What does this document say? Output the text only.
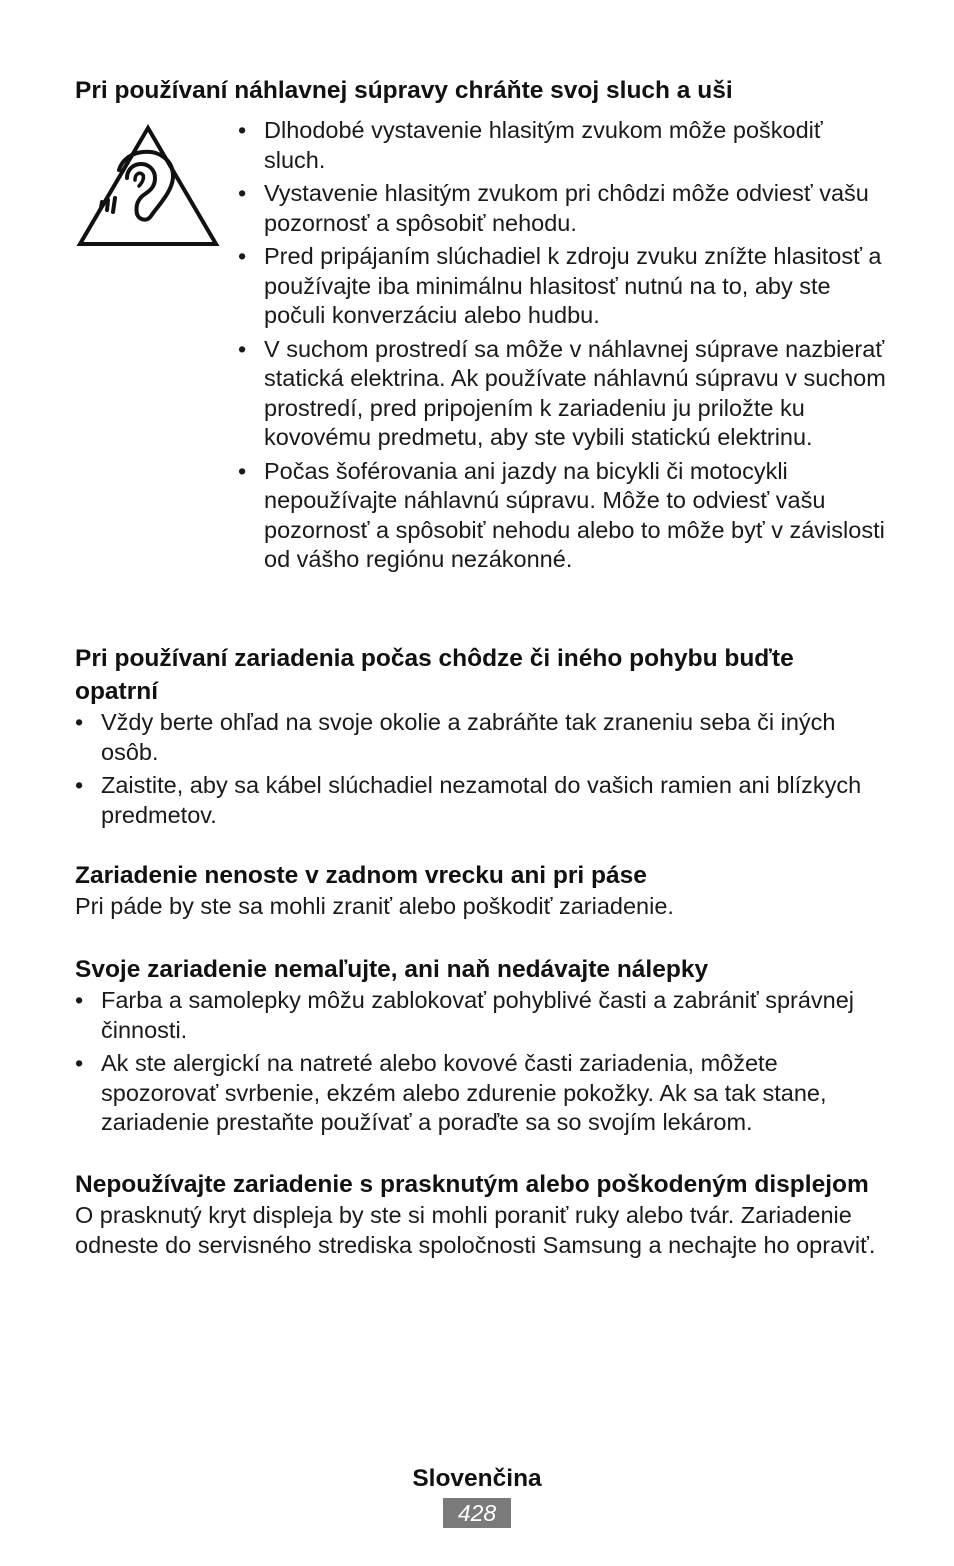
Pri používaní náhlavnej súpravy chráňte svoj sluch a uši
• Dlhodobé vystavenie hlasitým zvukom môže poškodiť sluch.
• Vystavenie hlasitým zvukom pri chôdzi môže odviesť vašu pozornosť a spôsobiť nehodu.
• Pred pripájaním slúchadiel k zdroju zvuku znížte hlasitosť a používajte iba minimálnu hlasitosť nutnú na to, aby ste počuli konverzáciu alebo hudbu.
• V suchom prostredí sa môže v náhlavnej súprave nazbierať statická elektrina. Ak používate náhlavnú súpravu v suchom prostredí, pred pripojením k zariadeniu ju priložte ku kovovému predmetu, aby ste vybili statickú elektrinu.
• Počas šoférovania ani jazdy na bicykli či motocykli nepoužívajte náhlavnú súpravu. Môže to odviesť vašu pozornosť a spôsobiť nehodu alebo to môže byť v závislosti od vášho regiónu nezákonné.
Pri používaní zariadenia počas chôdze či iného pohybu buďte opatrní
• Vždy berte ohľad na svoje okolie a zabráňte tak zraneniu seba či iných osôb.
• Zaistite, aby sa kábel slúchadiel nezamotal do vašich ramien ani blízkych predmetov.
Zariadenie nenoste v zadnom vrecku ani pri páse

Pri páde by ste sa mohli zraniť alebo poškodiť zariadenie.

Svoje zariadenie nemaľujte, ani naň nedávajte nálepky
• Farba a samolepky môžu zablokovať pohyblivé časti a zabrániť správnej činnosti.
• Ak ste alergickí na natreté alebo kovové časti zariadenia, môžete spozorovať svrbenie, ekzém alebo zdurenie pokožky. Ak sa tak stane, zariadenie prestaňte používať a poraďte sa so svojím lekárom.
Nepoužívajte zariadenie s prasknutým alebo poškodeným displejom

O prasknutý kryt displeja by ste si mohli poraniť ruky alebo tvár. Zariadenie odneste do servisného strediska spoločnosti Samsung a nechajte ho opraviť.

Slovenčina
428
